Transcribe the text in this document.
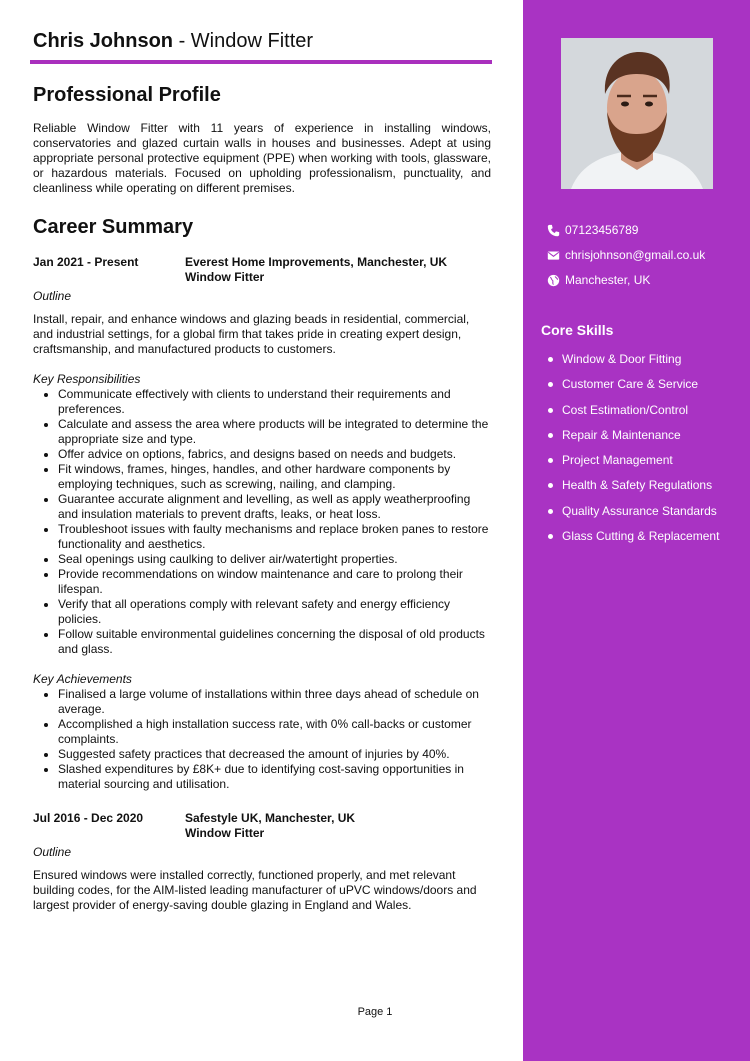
Chris Johnson - Window Fitter
Professional Profile
Reliable Window Fitter with 11 years of experience in installing windows, conservatories and glazed curtain walls in houses and businesses. Adept at using appropriate personal protective equipment (PPE) when working with tools, glassware, or hazardous materials. Focused on upholding professionalism, punctuality, and cleanliness while operating on different premises.
Career Summary
Jan 2021 - Present	Everest Home Improvements, Manchester, UK
Window Fitter
Outline
Install, repair, and enhance windows and glazing beads in residential, commercial, and industrial settings, for a global firm that takes pride in creating expert design, craftsmanship, and manufactured products to customers.
Key Responsibilities
• Communicate effectively with clients to understand their requirements and preferences.
• Calculate and assess the area where products will be integrated to determine the appropriate size and type.
• Offer advice on options, fabrics, and designs based on needs and budgets.
• Fit windows, frames, hinges, handles, and other hardware components by employing techniques, such as screwing, nailing, and clamping.
• Guarantee accurate alignment and levelling, as well as apply weatherproofing and insulation materials to prevent drafts, leaks, or heat loss.
• Troubleshoot issues with faulty mechanisms and replace broken panes to restore functionality and aesthetics.
• Seal openings using caulking to deliver air/watertight properties.
• Provide recommendations on window maintenance and care to prolong their lifespan.
• Verify that all operations comply with relevant safety and energy efficiency policies.
• Follow suitable environmental guidelines concerning the disposal of old products and glass.
Key Achievements
• Finalised a large volume of installations within three days ahead of schedule on average.
• Accomplished a high installation success rate, with 0% call-backs or customer complaints.
• Suggested safety practices that decreased the amount of injuries by 40%.
• Slashed expenditures by £8K+ due to identifying cost-saving opportunities in material sourcing and utilisation.
Jul 2016 - Dec 2020	Safestyle UK, Manchester, UK
Window Fitter
Outline
Ensured windows were installed correctly, functioned properly, and met relevant building codes, for the AIM-listed leading manufacturer of uPVC windows/doors and largest provider of energy-saving double glazing in England and Wales.
Page 1
07123456789
chrisjohnson@gmail.co.uk
Manchester, UK
Core Skills
Window & Door Fitting
Customer Care & Service
Cost Estimation/Control
Repair & Maintenance
Project Management
Health & Safety Regulations
Quality Assurance Standards
Glass Cutting & Replacement
